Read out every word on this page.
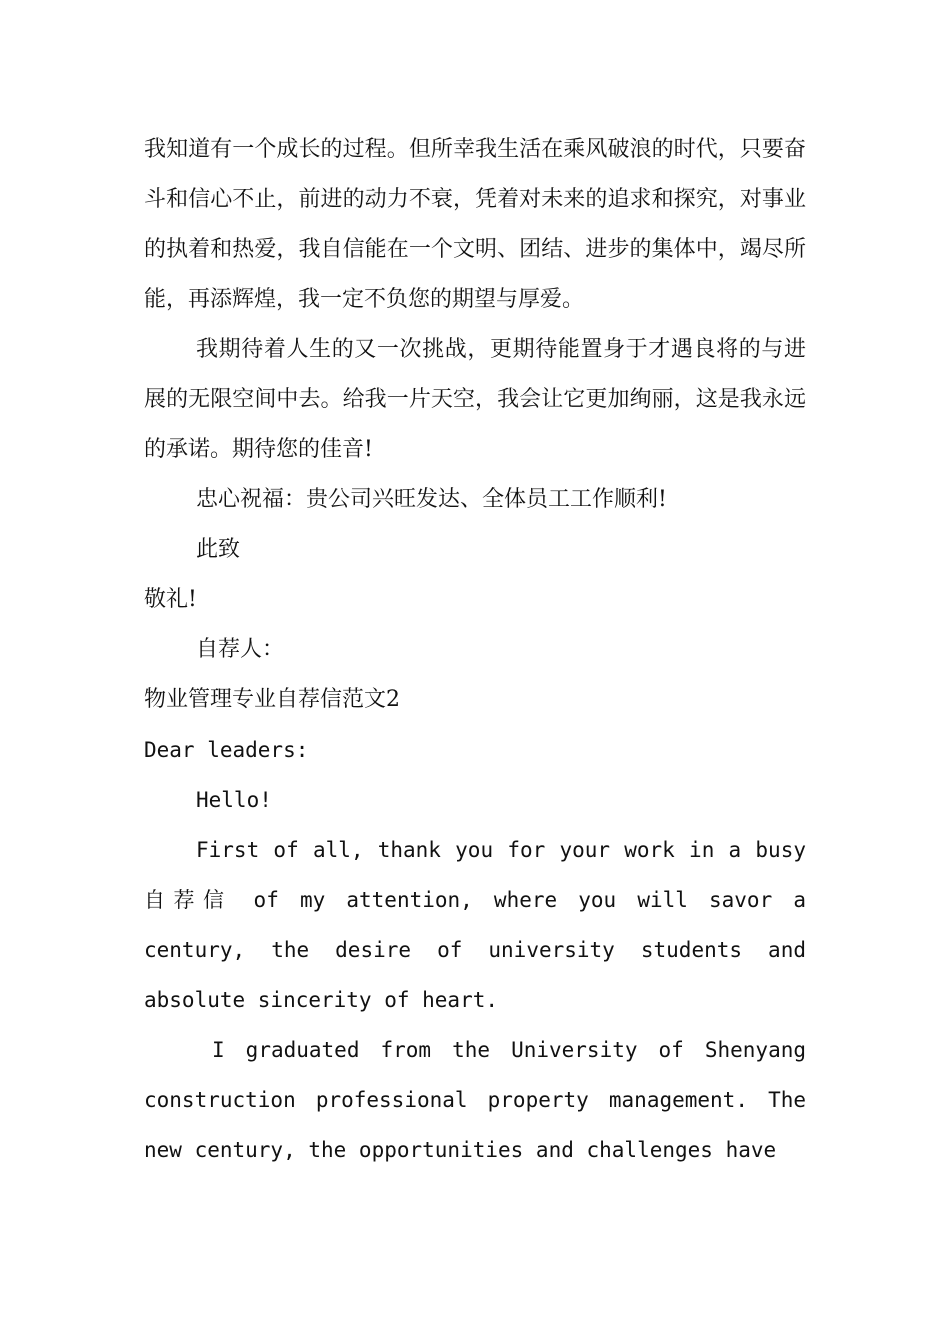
我知道有一个成长的过程。但所幸我生活在乘风破浪的时代，只要奋斗和信心不止，前进的动力不衰，凭着对未来的追求和探究，对事业的执着和热爱，我自信能在一个文明、团结、进步的集体中，竭尽所能，再添辉煌，我一定不负您的期望与厚爱。

我期待着人生的又一次挑战，更期待能置身于才遇良将的与进展的无限空间中去。给我一片天空，我会让它更加绚丽，这是我永远的承诺。期待您的佳音!

忠心祝福：贵公司兴旺发达、全体员工工作顺利!

此致

敬礼!

自荐人：

物业管理专业自荐信范文2

Dear leaders:

Hello!

First of all, thank you for your work in a busy 自荐信 of my attention, where you will savor a century, the desire of university students and absolute sincerity of heart.

I graduated from the University of Shenyang construction professional property management. The new century, the opportunities and challenges have
